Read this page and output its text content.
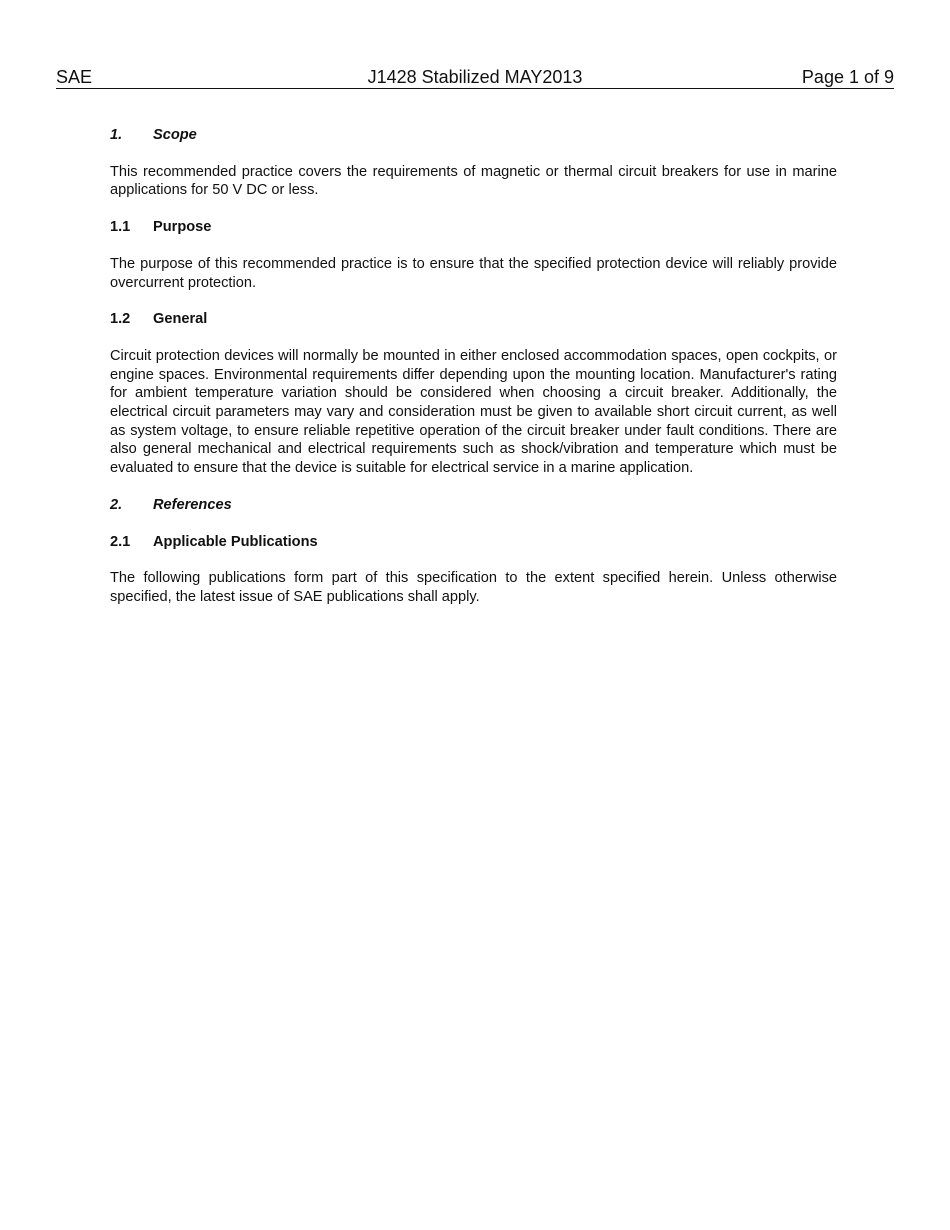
SAE	J1428 Stabilized MAY2013	Page 1 of 9
1.	Scope

This recommended practice covers the requirements of magnetic or thermal circuit breakers for use in marine applications for 50 V DC or less.

1.1	Purpose

The purpose of this recommended practice is to ensure that the specified protection device will reliably provide overcurrent protection.

1.2	General

Circuit protection devices will normally be mounted in either enclosed accommodation spaces, open cockpits, or engine spaces. Environmental requirements differ depending upon the mounting location. Manufacturer's rating for ambient temperature variation should be considered when choosing a circuit breaker. Additionally, the electrical circuit parameters may vary and consideration must be given to available short circuit current, as well as system voltage, to ensure reliable repetitive operation of the circuit breaker under fault conditions. There are also general mechanical and electrical requirements such as shock/vibration and temperature which must be evaluated to ensure that the device is suitable for electrical service in a marine application.

2.	References
2.1	Applicable Publications

The following publications form part of this specification to the extent specified herein. Unless otherwise specified, the latest issue of SAE publications shall apply.
